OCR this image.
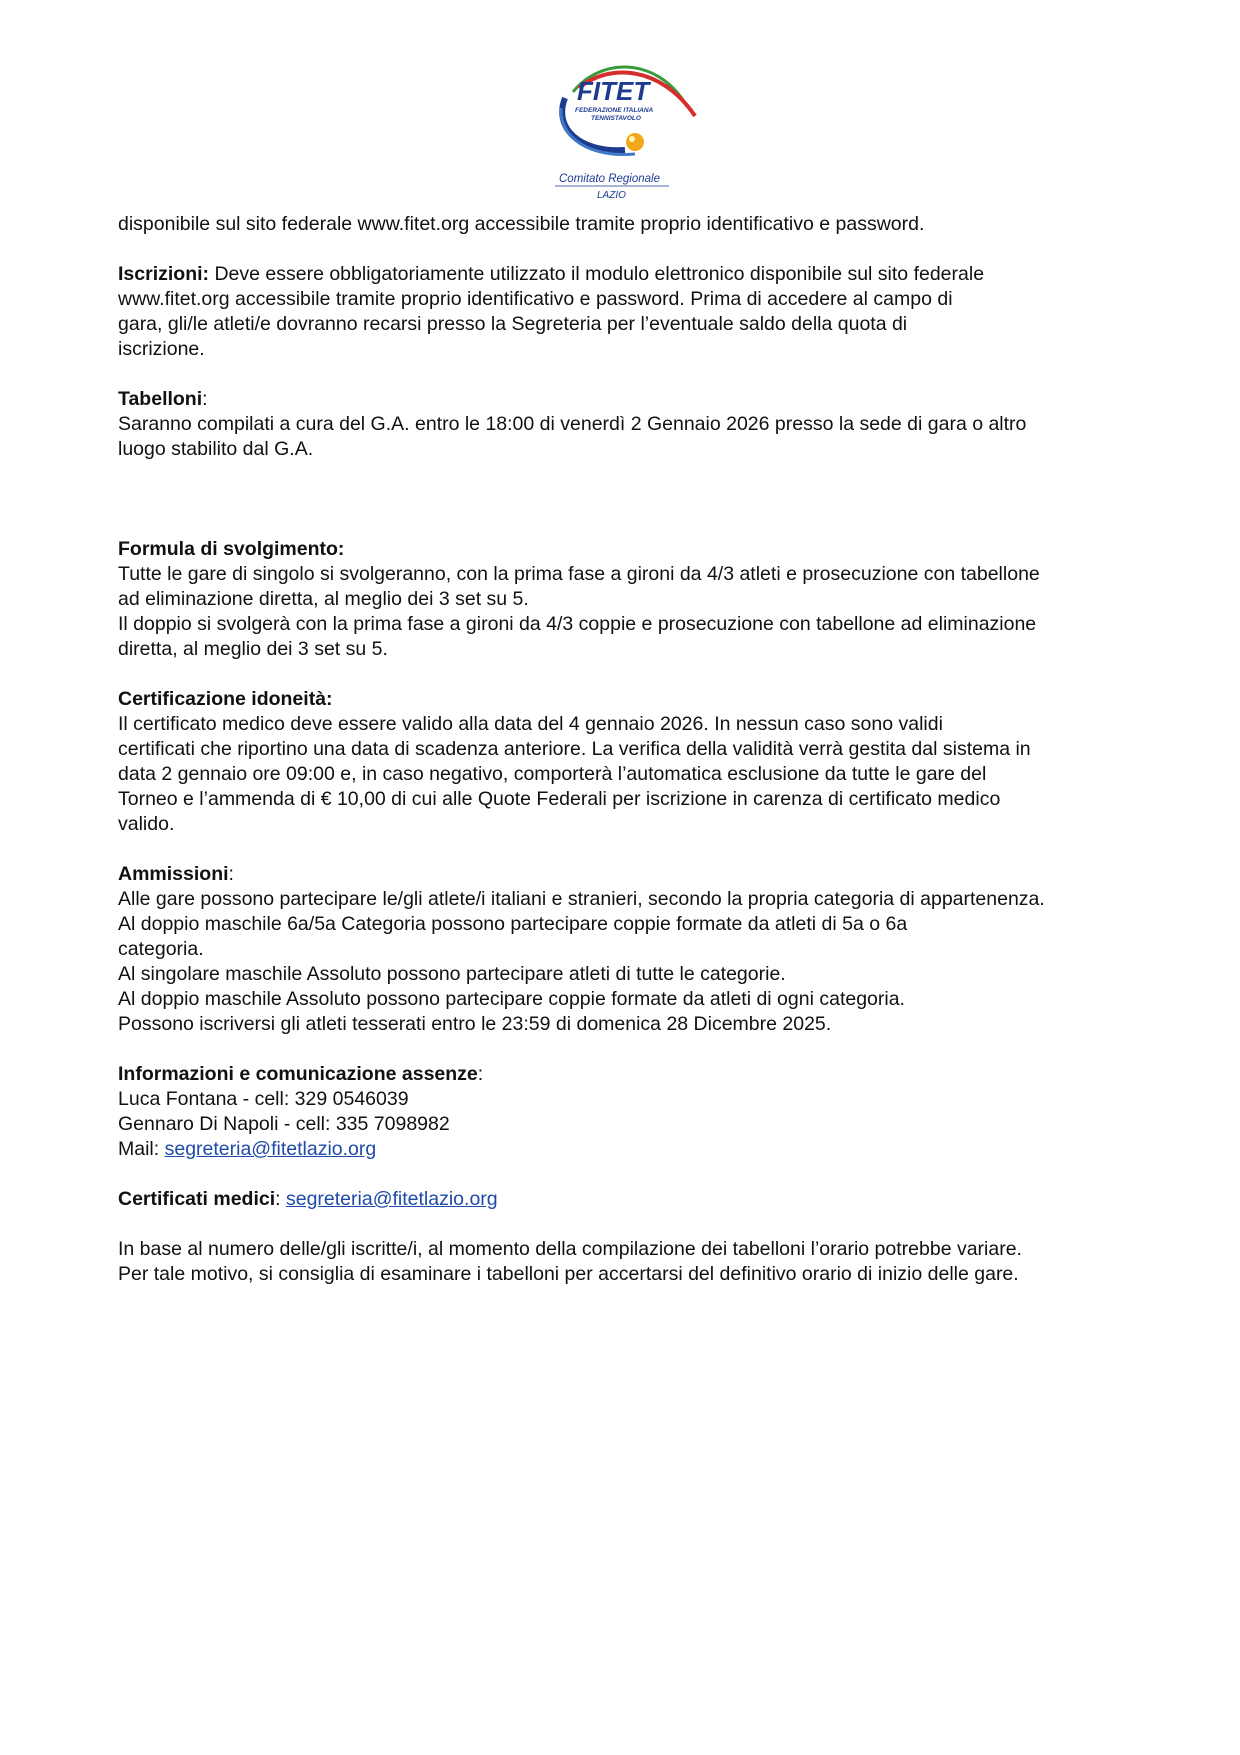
FITET
FEDERAZIONE ITALIANA
TENNISTAVOLO
Comitato Regionale
LAZIO

disponibile sul sito federale www.fitet.org accessibile tramite proprio identificativo e password.

Iscrizioni: Deve essere obbligatoriamente utilizzato il modulo elettronico disponibile sul sito federale

www.fitet.org accessibile tramite proprio identificativo e password. Prima di accedere al campo di

gara, gli/le atleti/e dovranno recarsi presso la Segreteria per l’eventuale saldo della quota di

iscrizione.

Tabelloni:

Saranno compilati a cura del G.A. entro le 18:00 di venerdì 2 Gennaio 2026 presso la sede di gara o altro

luogo stabilito dal G.A.

Formula di svolgimento:

Tutte le gare di singolo si svolgeranno, con la prima fase a gironi da 4/3 atleti e prosecuzione con tabellone

ad eliminazione diretta, al meglio dei 3 set su 5.

Il doppio si svolgerà con la prima fase a gironi da 4/3 coppie e prosecuzione con tabellone ad eliminazione

diretta, al meglio dei 3 set su 5.

Certificazione idoneità:

Il certificato medico deve essere valido alla data del 4 gennaio 2026. In nessun caso sono validi

certificati che riportino una data di scadenza anteriore. La verifica della validità verrà gestita dal sistema in

data 2 gennaio ore 09:00 e, in caso negativo, comporterà l’automatica esclusione da tutte le gare del

Torneo e l’ammenda di € 10,00 di cui alle Quote Federali per iscrizione in carenza di certificato medico

valido.

Ammissioni:

Alle gare possono partecipare le/gli atlete/i italiani e stranieri, secondo la propria categoria di appartenenza.

Al doppio maschile 6a/5a Categoria possono partecipare coppie formate da atleti di 5a o 6a

categoria.

Al singolare maschile Assoluto possono partecipare atleti di tutte le categorie.

Al doppio maschile Assoluto possono partecipare coppie formate da atleti di ogni categoria.

Possono iscriversi gli atleti tesserati entro le 23:59 di domenica 28 Dicembre 2025.

Informazioni e comunicazione assenze:

Luca Fontana - cell: 329 0546039

Gennaro Di Napoli - cell: 335 7098982

Mail: segreteria@fitetlazio.org

Certificati medici: segreteria@fitetlazio.org

In base al numero delle/gli iscritte/i, al momento della compilazione dei tabelloni l’orario potrebbe variare.

Per tale motivo, si consiglia di esaminare i tabelloni per accertarsi del definitivo orario di inizio delle gare.
